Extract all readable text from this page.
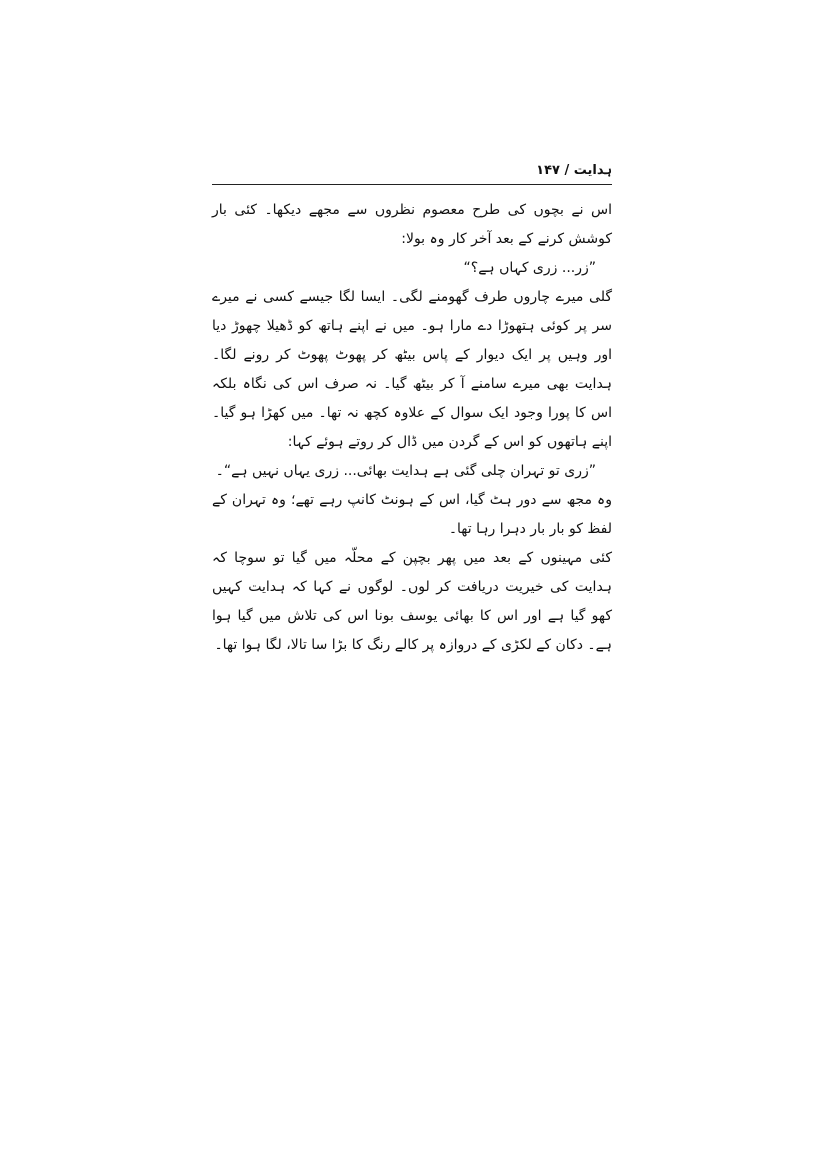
ہدایت / ۱۴۷

اس نے بچوں کی طرح معصوم نظروں سے مجھے دیکھا۔ کئی بار کوشش کرنے کے بعد آخر کار وہ بولا:

”زر... زری کہاں ہے؟“

گلی میرے چاروں طرف گھومنے لگی۔ ایسا لگا جیسے کسی نے میرے سر پر کوئی ہتھوڑا دے مارا ہو۔ میں نے اپنے ہاتھ کو ڈھیلا چھوڑ دیا اور وہیں پر ایک دیوار کے پاس بیٹھ کر پھوٹ پھوٹ کر رونے لگا۔ ہدایت بھی میرے سامنے آ کر بیٹھ گیا۔ نہ صرف اس کی نگاہ بلکہ اس کا پورا وجود ایک سوال کے علاوہ کچھ نہ تھا۔ میں کھڑا ہو گیا۔ اپنے ہاتھوں کو اس کے گردن میں ڈال کر روتے ہوئے کہا:

”زری تو تہران چلی گئی ہے ہدایت بھائی... زری یہاں نہیں ہے“۔

وہ مجھ سے دور ہٹ گیا، اس کے ہونٹ کانپ رہے تھے؛ وہ تہران کے لفظ کو بار بار دہرا رہا تھا۔

کئی مہینوں کے بعد میں پھر بچپن کے محلّہ میں گیا تو سوچا کہ ہدایت کی خیریت دریافت کر لوں۔ لوگوں نے کہا کہ ہدایت کہیں کھو گیا ہے اور اس کا بھائی یوسف بونا اس کی تلاش میں گیا ہوا ہے۔ دکان کے لکڑی کے دروازہ پر کالے رنگ کا بڑا سا تالا، لگا ہوا تھا۔
